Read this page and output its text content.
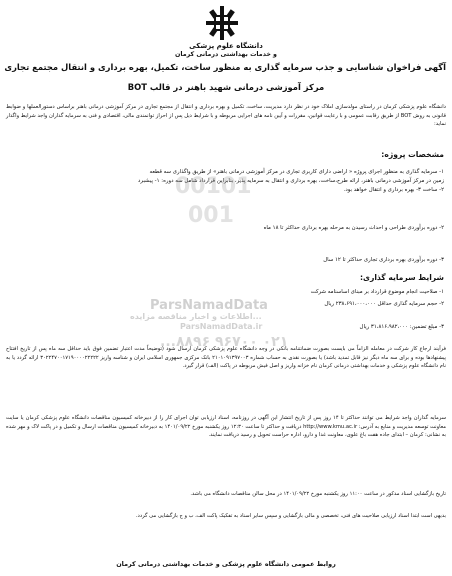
دانشگاه علوم پزشکی
و خدمات بهداشتی درمانی کرمان
آگهی فراخوان شناسایی و جذب سرمایه گذاری به منظور ساخت، تکمیل، بهره برداری و انتقال مجتمع تجاری
مرکز آموزشی درمانی شهید باهنر در قالب BOT
دانشگاه علوم پزشکی کرمان در راستای مولدسازی املاک خود در نظر دارد مدیریت، ساخت، تکمیل و بهره برداری و انتقال از مجتمع تجاری در مرکز آموزشی درمانی باهنر براساس دستورالعملها و ضوابط قانونی به روش BOT از طریق رقابت عمومی و با رعایت قوانین، مقررات و آیین نامه های اجرایی مربوطه و با شرایط ذیل پس از احراز توانمندی مالی، اقتصادی و فنی به سرمایه گذاران واجد شرایط واگذار نماید:
مشخصات پروژه:
۱- سرمایه گذاری به منظور اجرای پروژه « اراضی دارای کاربری تجاری در مرکز آموزشی درمانی باهنر» از طریق واگذاری سه قطعه
زمین در مرکز آموزشی درمانی باهنر، ارائه طرح،ساخت، بهره برداری و انتقال به سرمایه پذیر، بنابراین قرارداد شامل سه دوره: ۱- پیشبرد
۲- ساخت ۳- بهره برداری و انتقال خواهد بود.
۲- دوره برآوردی طراحی و احداث رسیدن به مرحله بهره برداری حداکثر تا ۱۸ ماه
۳- دوره برآوردی بهره برداری تجاری حداکثر تا ۱۲ سال
شرایط سرمایه گذاری:
۱- صلاحیت انجام موضوع قرارداد بر مبنای اساسنامه شرکت
۲- حجم سرمایه گذاری حداقل ۲۳۸،۶۹۱،۰۰۰،۰۰۰ ریال
۳- مبلغ تضمین: ۳۱،۸۱۶،۹۸۲،۰۰۰ ریال
فرآیند ارجاع کار شرکت در معامله الزاماً می بایست بصورت ضمانتنامه بانکی در وجه دانشگاه علوم پزشکی کرمان ارسال شود (توضیحاً مدت اعتبار تضمین فوق باید حداقل سه ماه پس از تاریخ افتتاح پیشنهادها بوده و برای سه ماه دیگر نیز قابل تمدید باشد) یا بصورت نقدی به حساب شماره ۲۱۰۱۰۹۱۳۹۷۰۰۳ بانک مرکزی جمهوری اسلامی ایران و شناسه واریز ۳۰۲۲۴۷۰۰۱۷۱۹۰۰۰۰۲۲۲۲۲ ارائه گردد یا به نام دانشگاه علوم پزشکی و خدمات بهداشتی درمانی کرمان نام خزانه واریز و اصل فیش مربوطه در پاکت (الف) قرار گیرد.
سرمایه گذاران واجد شرایط می توانند حداکثر تا ۱۴ روز پس از تاریخ انتشار این آگهی در روزنامه، اسناد ارزیابی توان اجرای کار را از دبیرخانه کمیسیون مناقصات دانشگاه علوم پزشکی کرمان یا سایت معاونت توسعه مدیریت و منابع به آدرس: http://www.kmu.ac.ir دریافت و حداکثر تا ساعت ۱۲:۳۰ روز یکشنبه مورخ ۱۴۰۱/۰۹/۲۲ به دبیرخانه کمیسیون مناقصات ارسال و تکمیل و در پاکت لاک و مهر شده به نشانی: کرمان – ابتدای جاده هفت باغ علوی، معاونت غذا و دارو، اداره حراست تحویل و رسید دریافت نمایند.
تاریخ بازگشایی اسناد مذکور در ساعت ۱۱:۰۰ روز یکشنبه مورخ ۱۴۰۱/۰۹/۲۲ در محل سالن مناقصات دانشگاه می باشد.
بدیهی است ابتدا اسناد ارزیابی صلاحیت های فنی، تخصصی و مالی بازگشایی و سپس سایر اسناد به تفکیک پاکت الف، ب و ج بازگشایی می گردد.
00101
001
ParsNamadData
...اطلاعات و اخبار مناقصه مزایده
ParsNamadData.ir
...۸۸۹۶ ۹۶۷۰۰ ۰۲۱
روابط عمومی دانشگاه علوم پزشکی و خدمات بهداشتی درمانی کرمان
